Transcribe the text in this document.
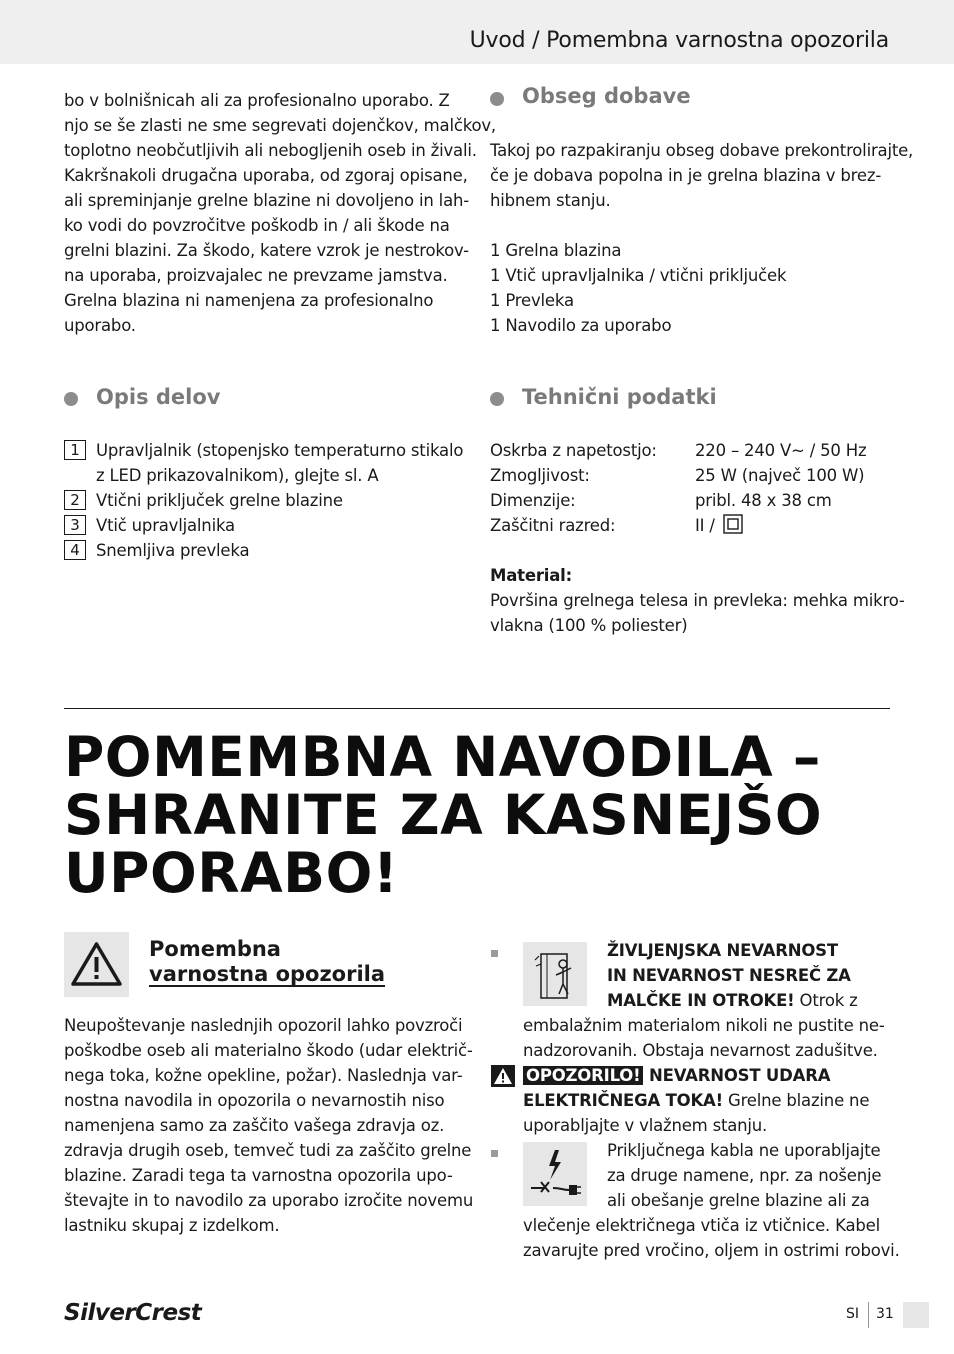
Uvod / Pomembna varnostna opozorila
bo v bolnišnicah ali za profesionalno uporabo. Z
njo se še zlasti ne sme segrevati dojenčkov, malčkov,
toplotno neobčutljivih ali nebogljenih oseb in živali.
Kakršnakoli drugačna uporaba, od zgoraj opisane,
ali spreminjanje grelne blazine ni dovoljeno in lah-
ko vodi do povzročitve poškodb in / ali škode na
grelni blazini. Za škodo, katere vzrok je nestrokov-
na uporaba, proizvajalec ne prevzame jamstva.
Grelna blazina ni namenjena za profesionalno
uporabo.
Obseg dobave
Takoj po razpakiranju obseg dobave prekontrolirajte,
če je dobava popolna in je grelna blazina v brez-
hibnem stanju.
1 Grelna blazina
1 Vtič upravljalnika / vtični priključek
1 Prevleka
1 Navodilo za uporabo
Opis delov
1 Upravljalnik (stopenjsko temperaturno stikalo
z LED prikazovalnikom), glejte sl. A
2 Vtični priključek grelne blazine
3 Vtič upravljalnika
4 Snemljiva prevleka
Tehnični podatki
Oskrba z napetostjo:
Zmogljivost:
Dimenzije:
Zaščitni razred:
220 – 240 V~ / 50 Hz
25 W (največ 100 W)
pribl. 48 x 38 cm
II /
Material:
Površina grelnega telesa in prevleka: mehka mikro-
vlakna (100 % poliester)
POMEMBNA NAVODILA –
SHRANITE ZA KASNEJŠO
UPORABO!
Pomembna
varnostna opozorila
Neupoštevanje naslednjih opozoril lahko povzroči
poškodbe oseb ali materialno škodo (udar električ-
nega toka, kožne opekline, požar). Naslednja var-
nostna navodila in opozorila o nevarnostih niso
namenjena samo za zaščito vašega zdravja oz.
zdravja drugih oseb, temveč tudi za zaščito grelne
blazine. Zaradi tega ta varnostna opozorila upo-
števajte in to navodilo za uporabo izročite novemu
lastniku skupaj z izdelkom.
ŽIVLJENJSKA NEVARNOST
IN NEVARNOST NESREČ ZA
MALČKE IN OTROKE! Otrok z
embalažnim materialom nikoli ne pustite ne-
nadzorovanih. Obstaja nevarnost zadušitve.
OPOZORILO! NEVARNOST UDARA
ELEKTRIČNEGA TOKA! Grelne blazine ne
uporabljajte v vlažnem stanju.
Priključnega kabla ne uporabljajte
za druge namene, npr. za nošenje
ali obešanje grelne blazine ali za
vlečenje električnega vtiča iz vtičnice. Kabel
zavarujte pred vročino, oljem in ostrimi robovi.
SilverCrest	SI 31
